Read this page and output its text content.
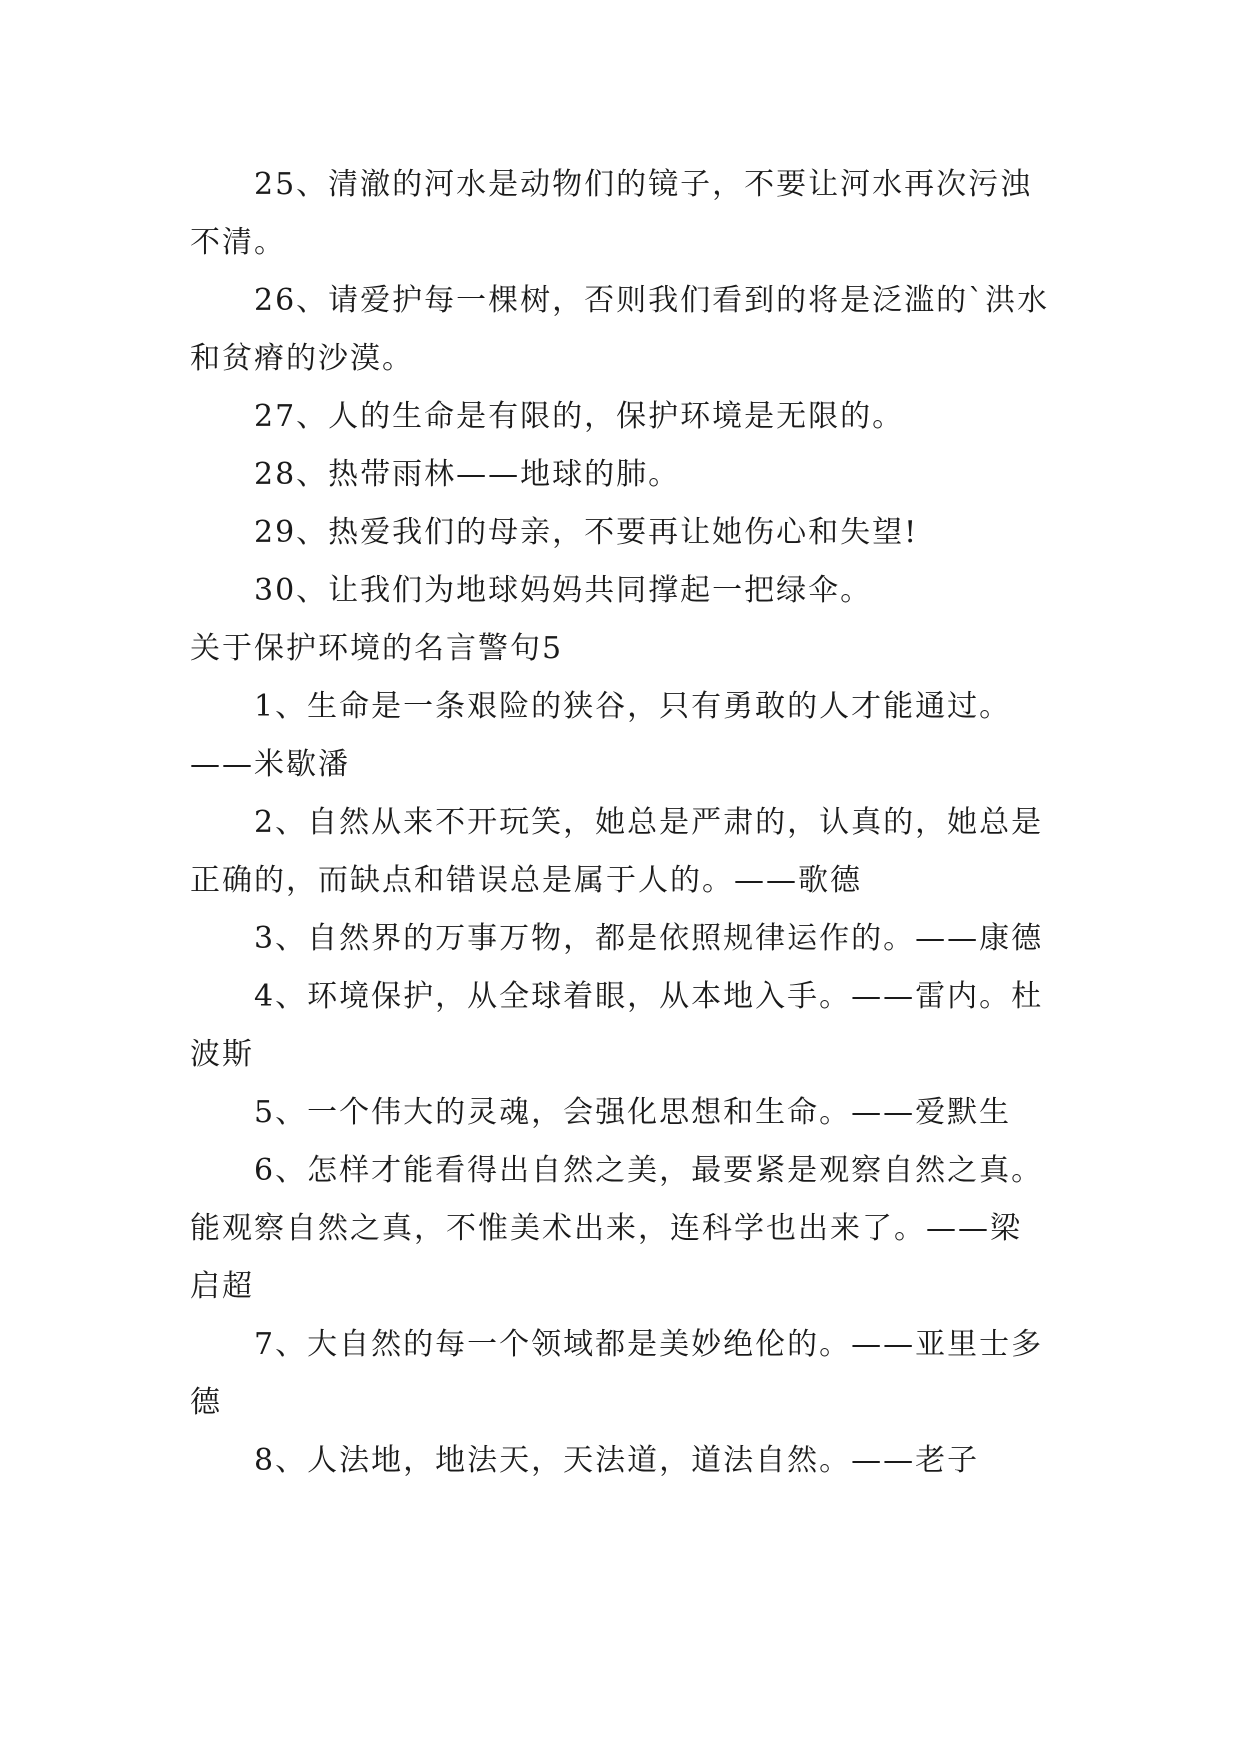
25、清澈的河水是动物们的镜子，不要让河水再次污浊不清。

26、请爱护每一棵树，否则我们看到的将是泛滥的`洪水和贫瘠的沙漠。

27、人的生命是有限的，保护环境是无限的。

28、热带雨林——地球的肺。

29、热爱我们的母亲，不要再让她伤心和失望!

30、让我们为地球妈妈共同撑起一把绿伞。

关于保护环境的名言警句5

1、生命是一条艰险的狭谷，只有勇敢的人才能通过。——米歇潘

2、自然从来不开玩笑，她总是严肃的，认真的，她总是正确的，而缺点和错误总是属于人的。——歌德

3、自然界的万事万物，都是依照规律运作的。——康德

4、环境保护，从全球着眼，从本地入手。——雷内。杜波斯

5、一个伟大的灵魂，会强化思想和生命。——爱默生

6、怎样才能看得出自然之美，最要紧是观察自然之真。能观察自然之真，不惟美术出来，连科学也出来了。——梁启超

7、大自然的每一个领域都是美妙绝伦的。——亚里士多德

8、人法地，地法天，天法道，道法自然。——老子
